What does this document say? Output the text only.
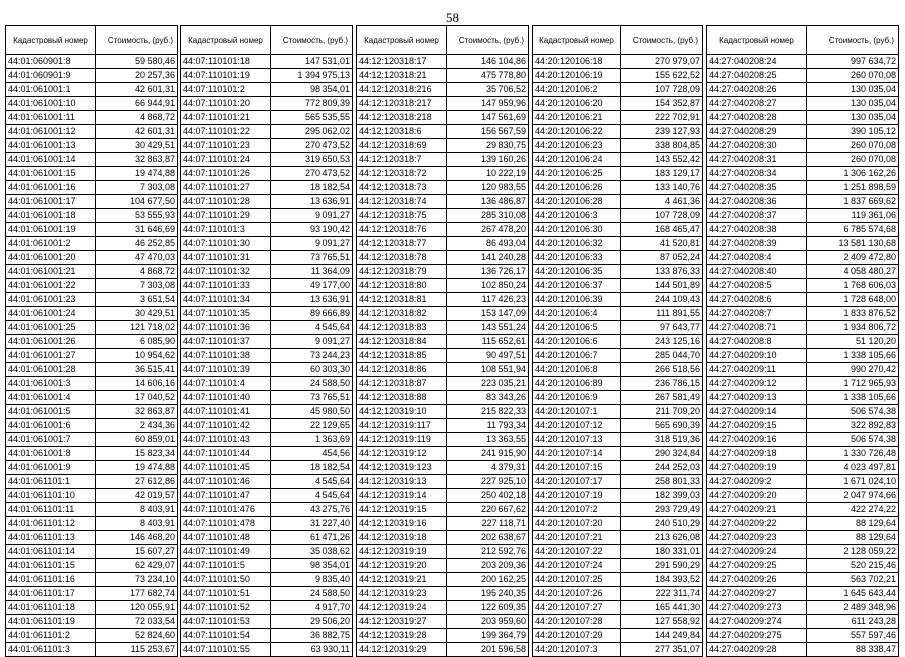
58
Кадастровый номер	Стоимость, (руб.)
44:01:060901:8	59 580,46
44:01:060901:9	20 257,36
44:01:061001:1	42 601,31
44:01:061001:10	66 944,91
44:01:061001:11	4 868,72
44:01:061001:12	42 601,31
44:01:061001:13	30 429,51
44:01:061001:14	32 863,87
44:01:061001:15	19 474,88
44:01:061001:16	7 303,08
44:01:061001:17	104 677,50
44:01:061001:18	53 555,93
44:01:061001:19	31 646,69
44:01:061001:2	46 252,85
44:01:061001:20	47 470,03
44:01:061001:21	4 868,72
44:01:061001:22	7 303,08
44:01:061001:23	3 651,54
44:01:061001:24	30 429,51
44:01:061001:25	121 718,02
44:01:061001:26	6 085,90
44:01:061001:27	10 954,62
44:01:061001:28	36 515,41
44:01:061001:3	14 606,16
44:01:061001:4	17 040,52
44:01:061001:5	32 863,87
44:01:061001:6	2 434,36
44:01:061001:7	60 859,01
44:01:061001:8	15 823,34
44:01:061001:9	19 474,88
44:01:061101:1	27 612,86
44:01:061101:10	42 019,57
44:01:061101:11	8 403,91
44:01:061101:12	8 403,91
44:01:061101:13	146 468,20
44:01:061101:14	15 607,27
44:01:061101:15	62 429,07
44:01:061101:16	73 234,10
44:01:061101:17	177 682,74
44:01:061101:18	120 055,91
44:01:061101:19	72 033,54
44:01:061101:2	52 824,60
44:01:061101:3	115 253,67
Кадастровый номер	Стоимость, (руб.)
44:07:110101:18	147 531,01
44:07:110101:19	1 394 975,13
44:07:110101:2	98 354,01
44:07:110101:20	772 809,39
44:07:110101:21	565 535,55
44:07:110101:22	295 062,02
44:07:110101:23	270 473,52
44:07:110101:24	319 650,53
44:07:110101:26	270 473,52
44:07:110101:27	18 182,54
44:07:110101:28	13 636,91
44:07:110101:29	9 091,27
44:07:110101:3	93 190,42
44:07:110101:30	9 091,27
44:07:110101:31	73 765,51
44:07:110101:32	11 364,09
44:07:110101:33	49 177,00
44:07:110101:34	13 636,91
44:07:110101:35	89 666,89
44:07:110101:36	4 545,64
44:07:110101:37	9 091,27
44:07:110101:38	73 244,23
44:07:110101:39	60 303,30
44:07:110101:4	24 588,50
44:07:110101:40	73 765,51
44:07:110101:41	45 980,50
44:07:110101:42	22 129,65
44:07:110101:43	1 363,69
44:07:110101:44	454,56
44:07:110101:45	18 182,54
44:07:110101:46	4 545,64
44:07:110101:47	4 545,64
44:07:110101:476	43 275,76
44:07:110101:478	31 227,40
44:07:110101:48	61 471,26
44:07:110101:49	35 038,62
44:07:110101:5	98 354,01
44:07:110101:50	9 835,40
44:07:110101:51	24 588,50
44:07:110101:52	4 917,70
44:07:110101:53	29 506,20
44:07:110101:54	36 882,75
44:07:110101:55	63 930,11
Кадастровый номер	Стоимость, (руб.)
44:12:120318:17	146 104,86
44:12:120318:21	475 778,80
44:12:120318:216	35 706,52
44:12:120318:217	147 959,96
44:12:120318:218	147 561,69
44:12:120318:6	156 567,59
44:12:120318:69	29 830,75
44:12:120318:7	139 160,26
44:12:120318:72	10 222,19
44:12:120318:73	120 983,55
44:12:120318:74	136 486,87
44:12:120318:75	285 310,08
44:12:120318:76	267 478,20
44:12:120318:77	86 493,04
44:12:120318:78	141 240,28
44:12:120318:79	136 726,17
44:12:120318:80	102 850,24
44:12:120318:81	117 426,23
44:12:120318:82	153 147,09
44:12:120318:83	143 551,24
44:12:120318:84	115 652,61
44:12:120318:85	90 497,51
44:12:120318:86	108 551,94
44:12:120318:87	223 035,21
44:12:120318:88	83 343,26
44:12:120319:10	215 822,33
44:12:120319:117	11 793,34
44:12:120319:119	13 363,55
44:12:120319:12	241 915,90
44:12:120319:123	4 379,31
44:12:120319:13	227 925,10
44:12:120319:14	250 402,18
44:12:120319:15	220 667,62
44:12:120319:16	227 118,71
44:12:120319:18	202 638,67
44:12:120319:19	212 592,76
44:12:120319:20	203 209,36
44:12:120319:21	200 162,25
44:12:120319:23	195 240,35
44:12:120319:24	122 609,35
44:12:120319:27	203 959,60
44:12:120319:28	199 364,79
44:12:120319:29	201 596,58
Кадастровый номер	Стоимость, (руб.)
44:20:120106:18	270 979,07
44:20:120106:19	155 622,52
44:20:120106:2	107 728,09
44:20:120106:20	154 352,87
44:20:120106:21	222 702,91
44:20:120106:22	239 127,93
44:20:120106:23	338 804,85
44:20:120106:24	143 552,42
44:20:120106:25	183 129,17
44:20:120106:26	133 140,76
44:20:120106:28	4 461,36
44:20:120106:3	107 728,09
44:20:120106:30	168 465,47
44:20:120106:32	41 520,81
44:20:120106:33	87 052,24
44:20:120106:35	133 876,33
44:20:120106:37	144 501,89
44:20:120106:39	244 109,43
44:20:120106:4	111 891,55
44:20:120106:5	97 643,77
44:20:120106:6	243 125,16
44:20:120106:7	285 044,70
44:20:120106:8	266 518,56
44:20:120106:89	236 786,15
44:20:120106:9	267 581,49
44:20:120107:1	211 709,20
44:20:120107:12	565 690,39
44:20:120107:13	318 519,36
44:20:120107:14	290 324,84
44:20:120107:15	244 252,03
44:20:120107:17	258 801,33
44:20:120107:19	182 399,03
44:20:120107:2	293 729,49
44:20:120107:20	240 510,29
44:20:120107:21	213 626,08
44:20:120107:22	180 331,01
44:20:120107:24	291 590,29
44:20:120107:25	184 393,52
44:20:120107:26	222 311,74
44:20:120107:27	165 441,30
44:20:120107:28	127 558,92
44:20:120107:29	144 249,84
44:20:120107:3	277 351,07
Кадастровый номер	Стоимость, (руб.)
44:27:040208:24	997 634,72
44:27:040208:25	260 070,08
44:27:040208:26	130 035,04
44:27:040208:27	130 035,04
44:27:040208:28	130 035,04
44:27:040208:29	390 105,12
44:27:040208:30	260 070,08
44:27:040208:31	260 070,08
44:27:040208:34	1 306 162,26
44:27:040208:35	1 251 898,59
44:27:040208:36	1 837 669,62
44:27:040208:37	119 361,06
44:27:040208:38	6 785 574,68
44:27:040208:39	13 581 130,68
44:27:040208:4	2 409 472,80
44:27:040208:40	4 058 480,27
44:27:040208:5	1 768 606,03
44:27:040208:6	1 728 648,00
44:27:040208:7	1 833 876,52
44:27:040208:71	1 934 806,72
44:27:040208:8	51 120,20
44:27:040209:10	1 338 105,66
44:27:040209:11	990 270,42
44:27:040209:12	1 712 965,93
44:27:040209:13	1 338 105,66
44:27:040209:14	506 574,38
44:27:040209:15	322 892,83
44:27:040209:16	506 574,38
44:27:040209:18	1 330 726,48
44:27:040209:19	4 023 497,81
44:27:040209:2	1 671 024,10
44:27:040209:20	2 047 974,66
44:27:040209:21	422 274,22
44:27:040209:22	88 129,64
44:27:040209:23	88 129,64
44:27:040209:24	2 128 059,22
44:27:040209:25	520 215,46
44:27:040209:26	563 702,21
44:27:040209:27	1 645 643,44
44:27:040209:273	2 489 348,96
44:27:040209:274	611 243,28
44:27:040209:275	557 597,46
44:27:040209:28	88 338,47
